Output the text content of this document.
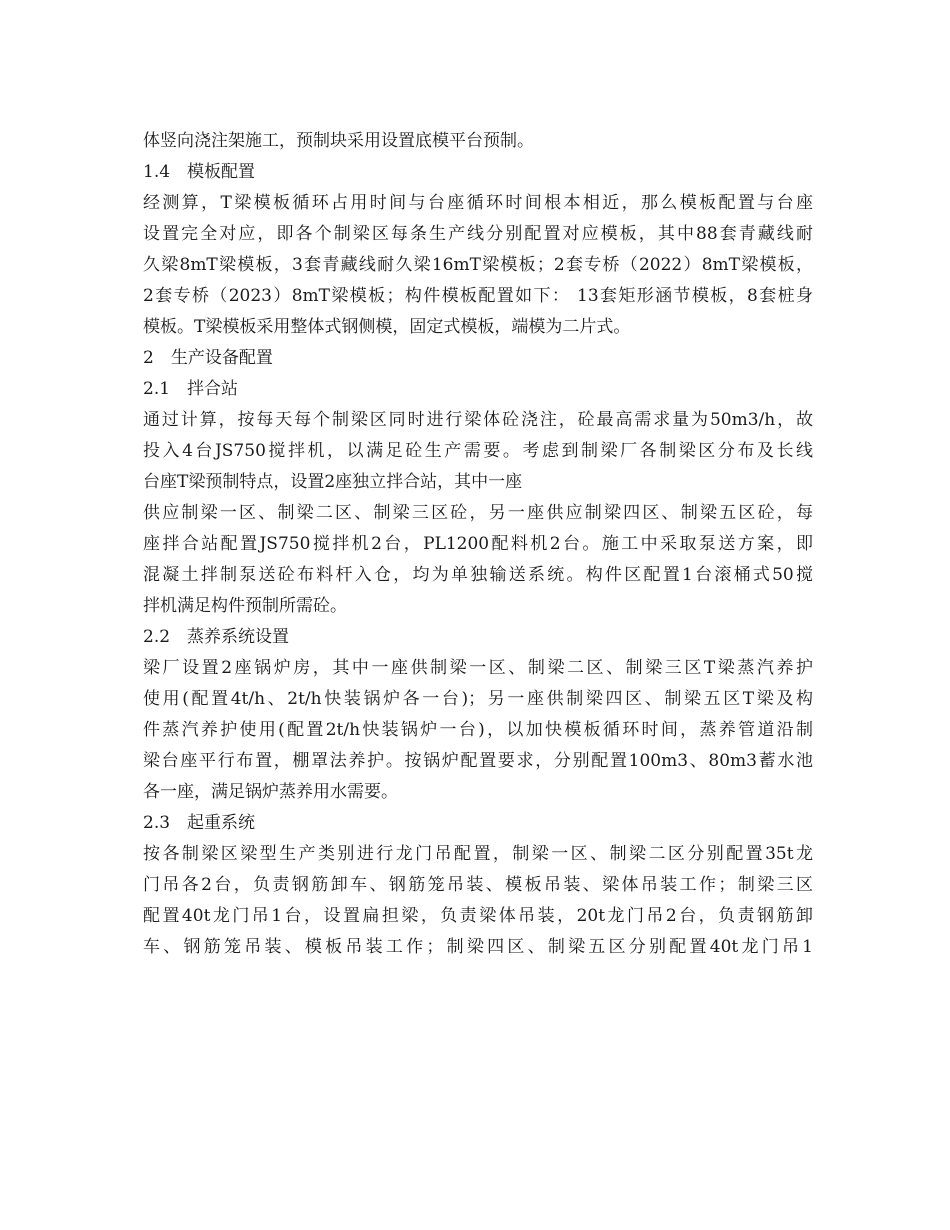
体竖向浇注架施工，预制块采用设置底模平台预制。
1.4　模板配置
经测算，T梁模板循环占用时间与台座循环时间根本相近，那么模板配置与台座
设置完全对应，即各个制梁区每条生产线分别配置对应模板，其中88套青藏线耐
久梁8mT梁模板，3套青藏线耐久梁16mT梁模板；2套专桥（2022）8mT梁模板，
2套专桥（2023）8mT梁模板；构件模板配置如下： 13套矩形涵节模板，8套桩身
模板。T梁模板采用整体式钢侧模，固定式模板，端模为二片式。
2　生产设备配置
2.1　拌合站
通过计算，按每天每个制梁区同时进行梁体砼浇注，砼最高需求量为50m3/h，故
投入4台JS750搅拌机，以满足砼生产需要。考虑到制梁厂各制梁区分布及长线
台座T梁预制特点，设置2座独立拌合站，其中一座
供应制梁一区、制梁二区、制梁三区砼，另一座供应制梁四区、制梁五区砼，每
座拌合站配置JS750搅拌机2台，PL1200配料机2台。施工中采取泵送方案，即
混凝土拌制泵送砼布料杆入仓，均为单独输送系统。构件区配置1台滚桶式50搅
拌机满足构件预制所需砼。
2.2　蒸养系统设置
梁厂设置2座锅炉房，其中一座供制梁一区、制梁二区、制梁三区T梁蒸汽养护
使用(配置4t/h、2t/h快装锅炉各一台)；另一座供制梁四区、制梁五区T梁及构
件蒸汽养护使用(配置2t/h快装锅炉一台)，以加快模板循环时间，蒸养管道沿制
梁台座平行布置，棚罩法养护。按锅炉配置要求，分别配置100m3、80m3蓄水池
各一座，满足锅炉蒸养用水需要。
2.3　起重系统
按各制梁区梁型生产类别进行龙门吊配置，制梁一区、制梁二区分别配置35t龙
门吊各2台，负责钢筋卸车、钢筋笼吊装、模板吊装、梁体吊装工作；制梁三区
配置40t龙门吊1台，设置扁担梁，负责梁体吊装，20t龙门吊2台，负责钢筋卸
车、钢筋笼吊装、模板吊装工作；制梁四区、制梁五区分别配置40t龙门吊1
